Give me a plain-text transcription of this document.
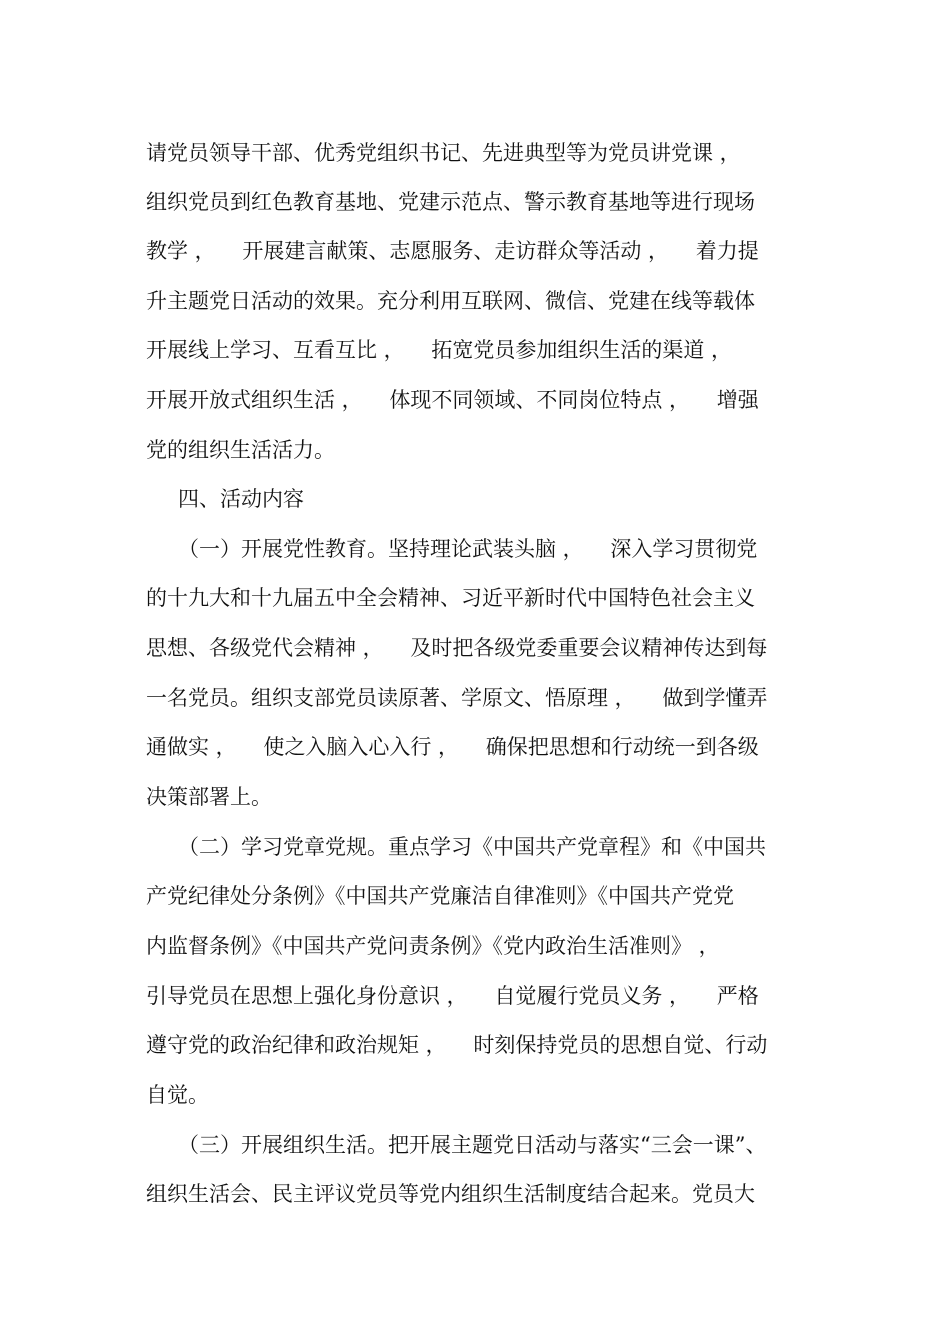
请党员领导干部、优秀党组织书记、先进典型等为党员讲党课 ，
组织党员到红色教育基地、党建示范点、警示教育基地等进行现场
教学 ，    开展建言献策、志愿服务、走访群众等活动 ，    着力提
升主题党日活动的效果。充分利用互联网、微信、党建在线等载体
开展线上学习、互看互比 ，    拓宽党员参加组织生活的渠道 ，
开展开放式组织生活 ，    体现不同领域、不同岗位特点 ，    增强
党的组织生活活力。
四、活动内容
（一）开展党性教育。坚持理论武装头脑 ，    深入学习贯彻党
的十九大和十九届五中全会精神、习近平新时代中国特色社会主义
思想、各级党代会精神 ，    及时把各级党委重要会议精神传达到每
一名党员。组织支部党员读原著、学原文、悟原理 ，    做到学懂弄
通做实 ，    使之入脑入心入行 ，    确保把思想和行动统一到各级
决策部署上。
（二）学习党章党规。重点学习《中国共产党章程》和《中国共
产党纪律处分条例》《中国共产党廉洁自律准则》《中国共产党党
内监督条例》《中国共产党问责条例》《党内政治生活准则》 ，
引导党员在思想上强化身份意识 ，    自觉履行党员义务 ，    严格
遵守党的政治纪律和政治规矩 ，    时刻保持党员的思想自觉、行动
自觉。
（三）开展组织生活。把开展主题党日活动与落实“三会一课”、
组织生活会、民主评议党员等党内组织生活制度结合起来。党员大
